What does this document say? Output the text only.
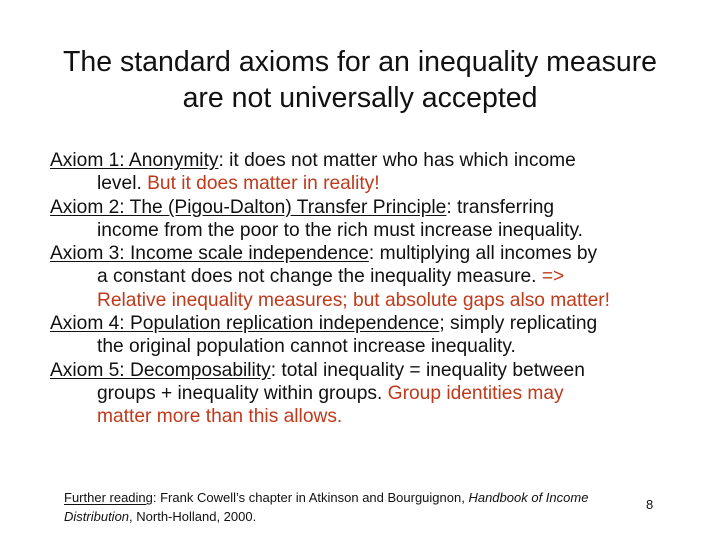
The standard axioms for an inequality measure
are not universally accepted
Axiom 1: Anonymity: it does not matter who has which income
level. But it does matter in reality!
Axiom 2: The (Pigou-Dalton) Transfer Principle: transferring
income from the poor to the rich must increase inequality.
Axiom 3: Income scale independence: multiplying all incomes by
a constant does not change the inequality measure. =>
Relative inequality measures; but absolute gaps also matter!
Axiom 4: Population replication independence; simply replicating
the original population cannot increase inequality.
Axiom 5: Decomposability: total inequality = inequality between
groups + inequality within groups. Group identities may
matter more than this allows.
Further reading: Frank Cowell’s chapter in Atkinson and Bourguignon, Handbook of Income
Distribution, North-Holland, 2000.
8
